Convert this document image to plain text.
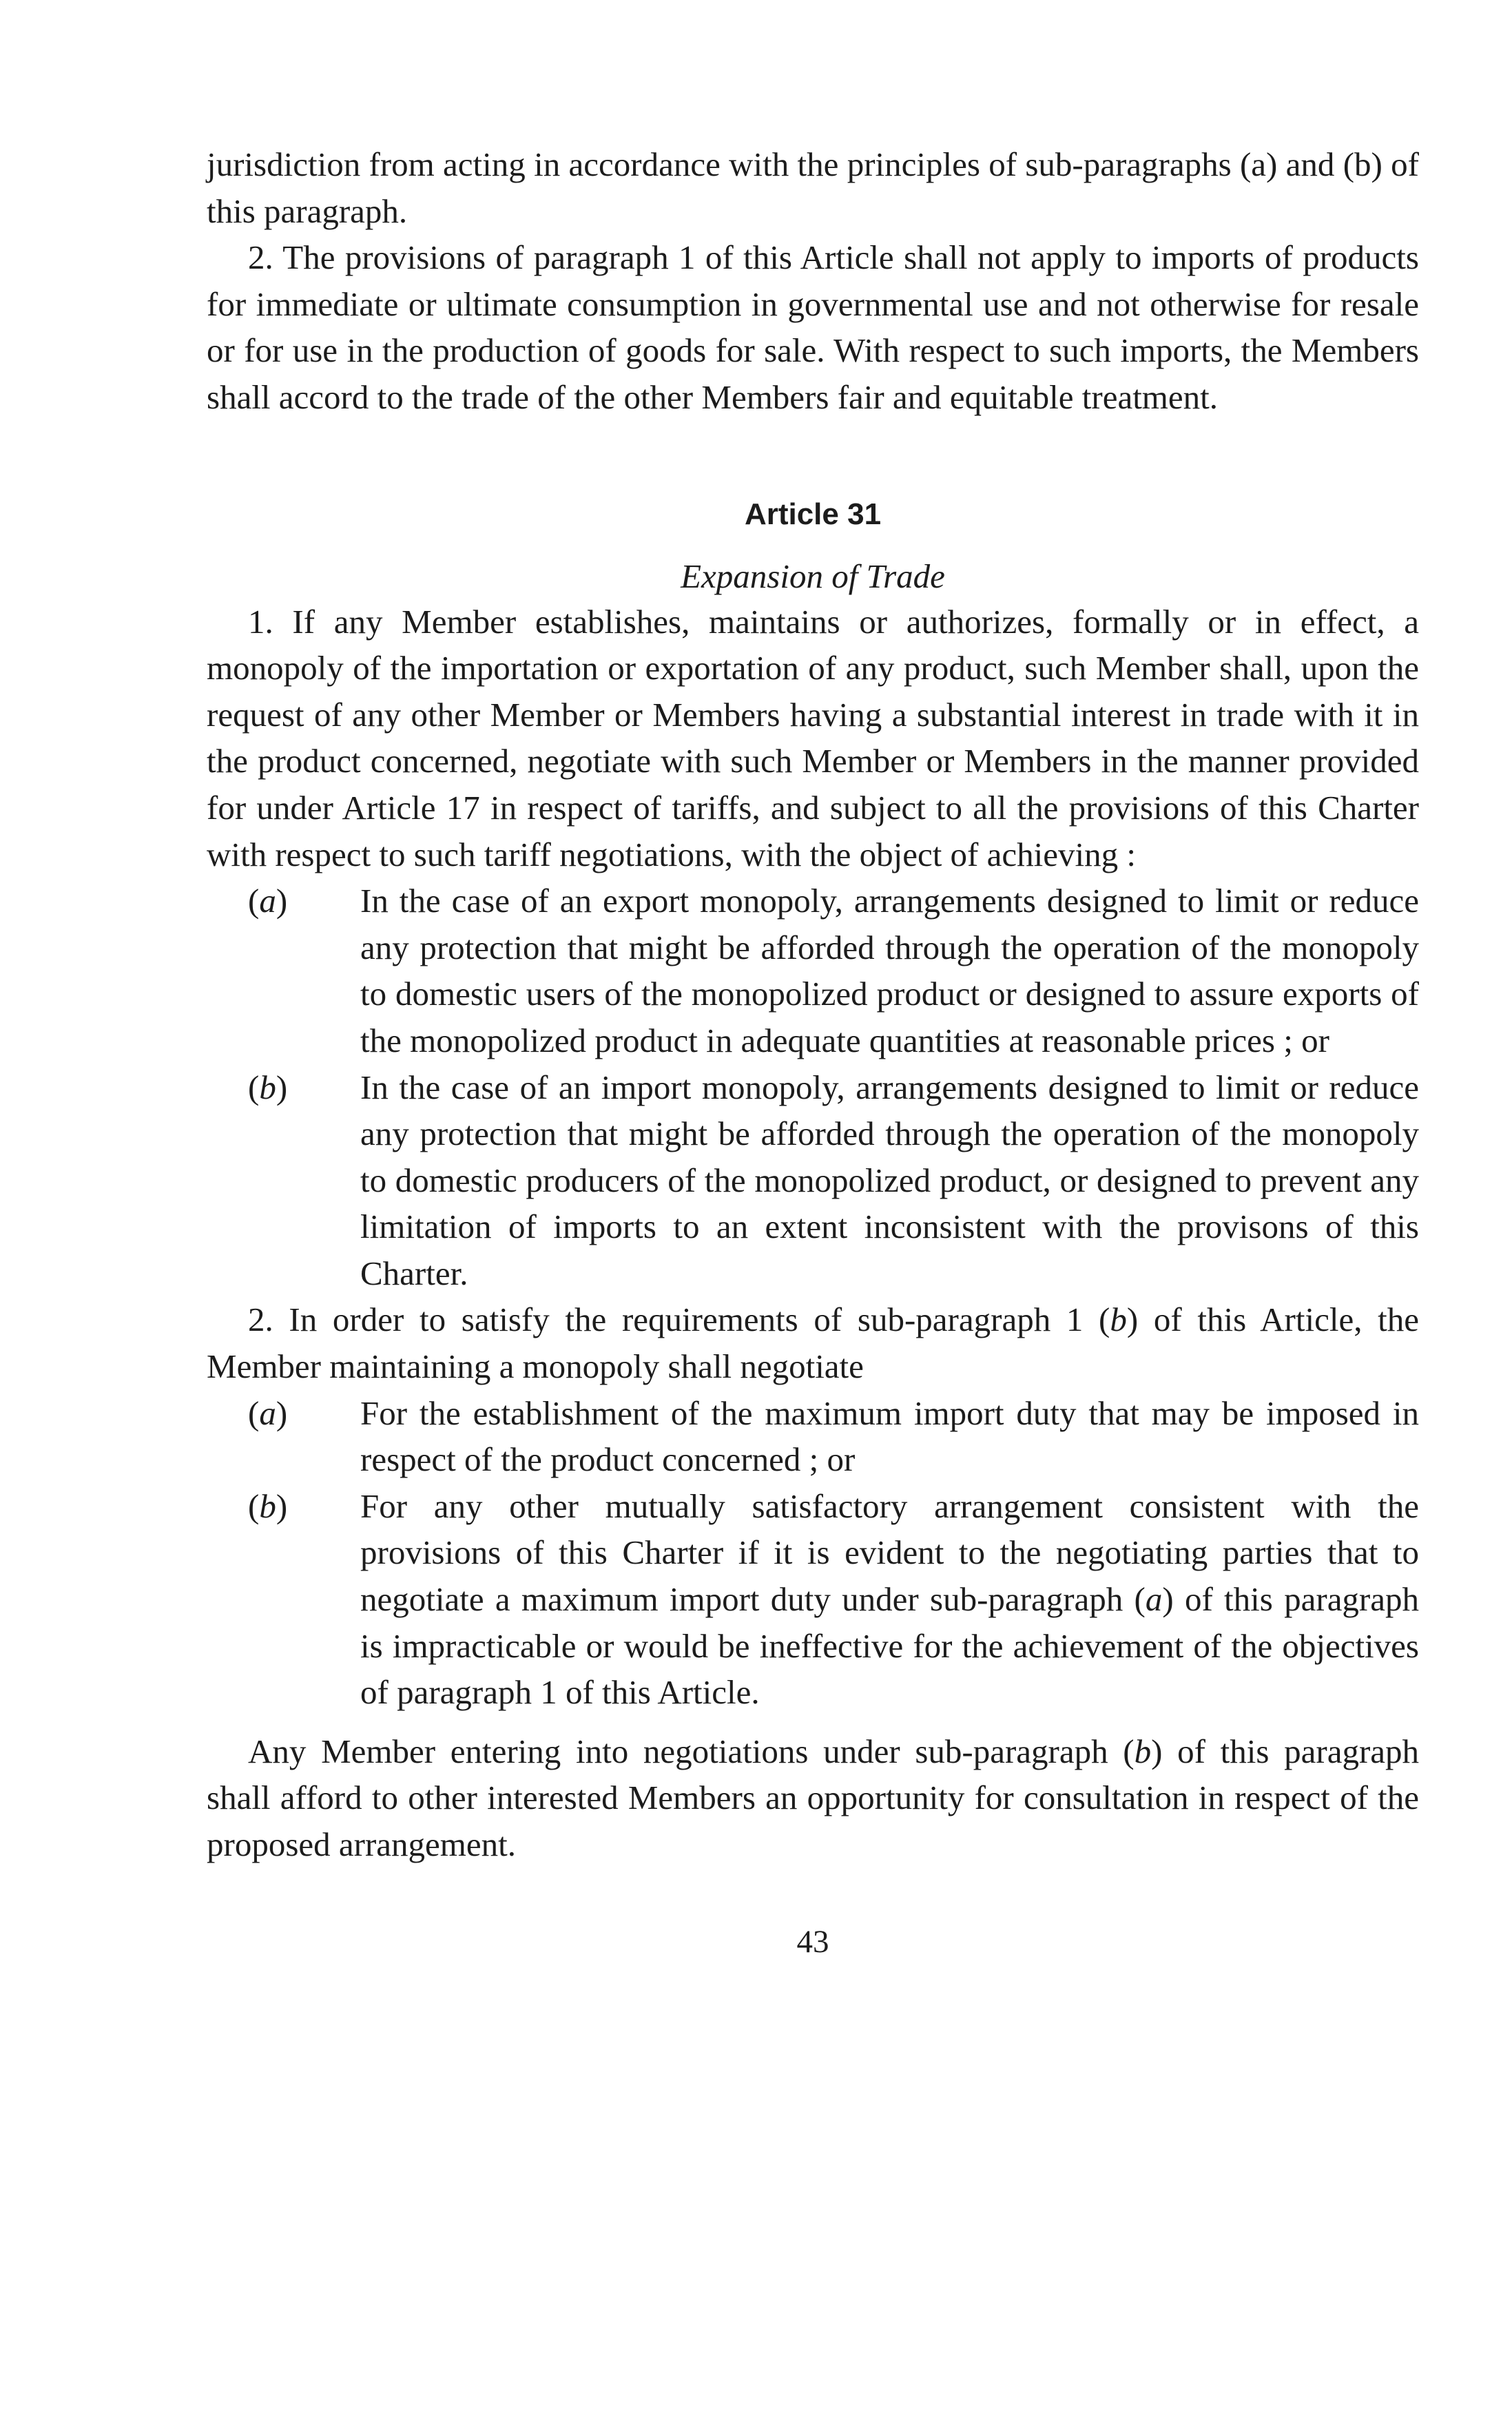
jurisdiction from acting in accordance with the principles of sub-paragraphs (a) and (b) of this paragraph.

2. The provisions of paragraph 1 of this Article shall not apply to imports of products for immediate or ultimate consumption in governmental use and not otherwise for resale or for use in the production of goods for sale. With respect to such imports, the Members shall accord to the trade of the other Members fair and equitable treatment.

Article 31
Expansion of Trade

1. If any Member establishes, maintains or authorizes, formally or in effect, a monopoly of the importation or exportation of any product, such Member shall, upon the request of any other Member or Members having a substantial interest in trade with it in the product concerned, negotiate with such Member or Members in the manner provided for under Article 17 in respect of tariffs, and subject to all the provisions of this Charter with respect to such tariff negotiations, with the object of achieving :

(a) In the case of an export monopoly, arrangements designed to limit or reduce any protection that might be afforded through the operation of the monopoly to domestic users of the monopolized product or designed to assure exports of the monopolized product in adequate quantities at reasonable prices ; or
(b) In the case of an import monopoly, arrangements designed to limit or reduce any protection that might be afforded through the operation of the monopoly to domestic producers of the monopolized product, or designed to prevent any limitation of imports to an extent inconsistent with the provisons of this Charter.

2. In order to satisfy the requirements of sub-paragraph 1 (b) of this Article, the Member maintaining a monopoly shall negotiate

(a) For the establishment of the maximum import duty that may be imposed in respect of the product concerned ; or
(b) For any other mutually satisfactory arrangement consistent with the provisions of this Charter if it is evident to the negotiating parties that to negotiate a maximum import duty under sub-paragraph (a) of this paragraph is impracticable or would be ineffective for the achievement of the objectives of paragraph 1 of this Article.

Any Member entering into negotiations under sub-paragraph (b) of this paragraph shall afford to other interested Members an opportunity for consultation in respect of the proposed arrangement.

43
